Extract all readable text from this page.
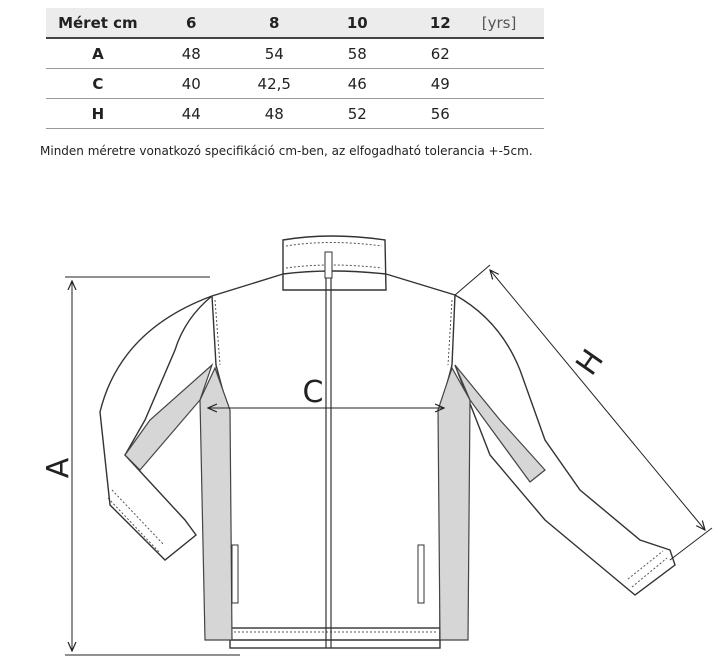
Méret cm	6	8	10	12	[yrs]
A	48	54	58	62	
C	40	42,5	46	49	
H	44	48	52	56	
Minden méretre vonatkozó specifikáció cm-ben, az elfogadható tolerancia +-5cm.
A
C
H
